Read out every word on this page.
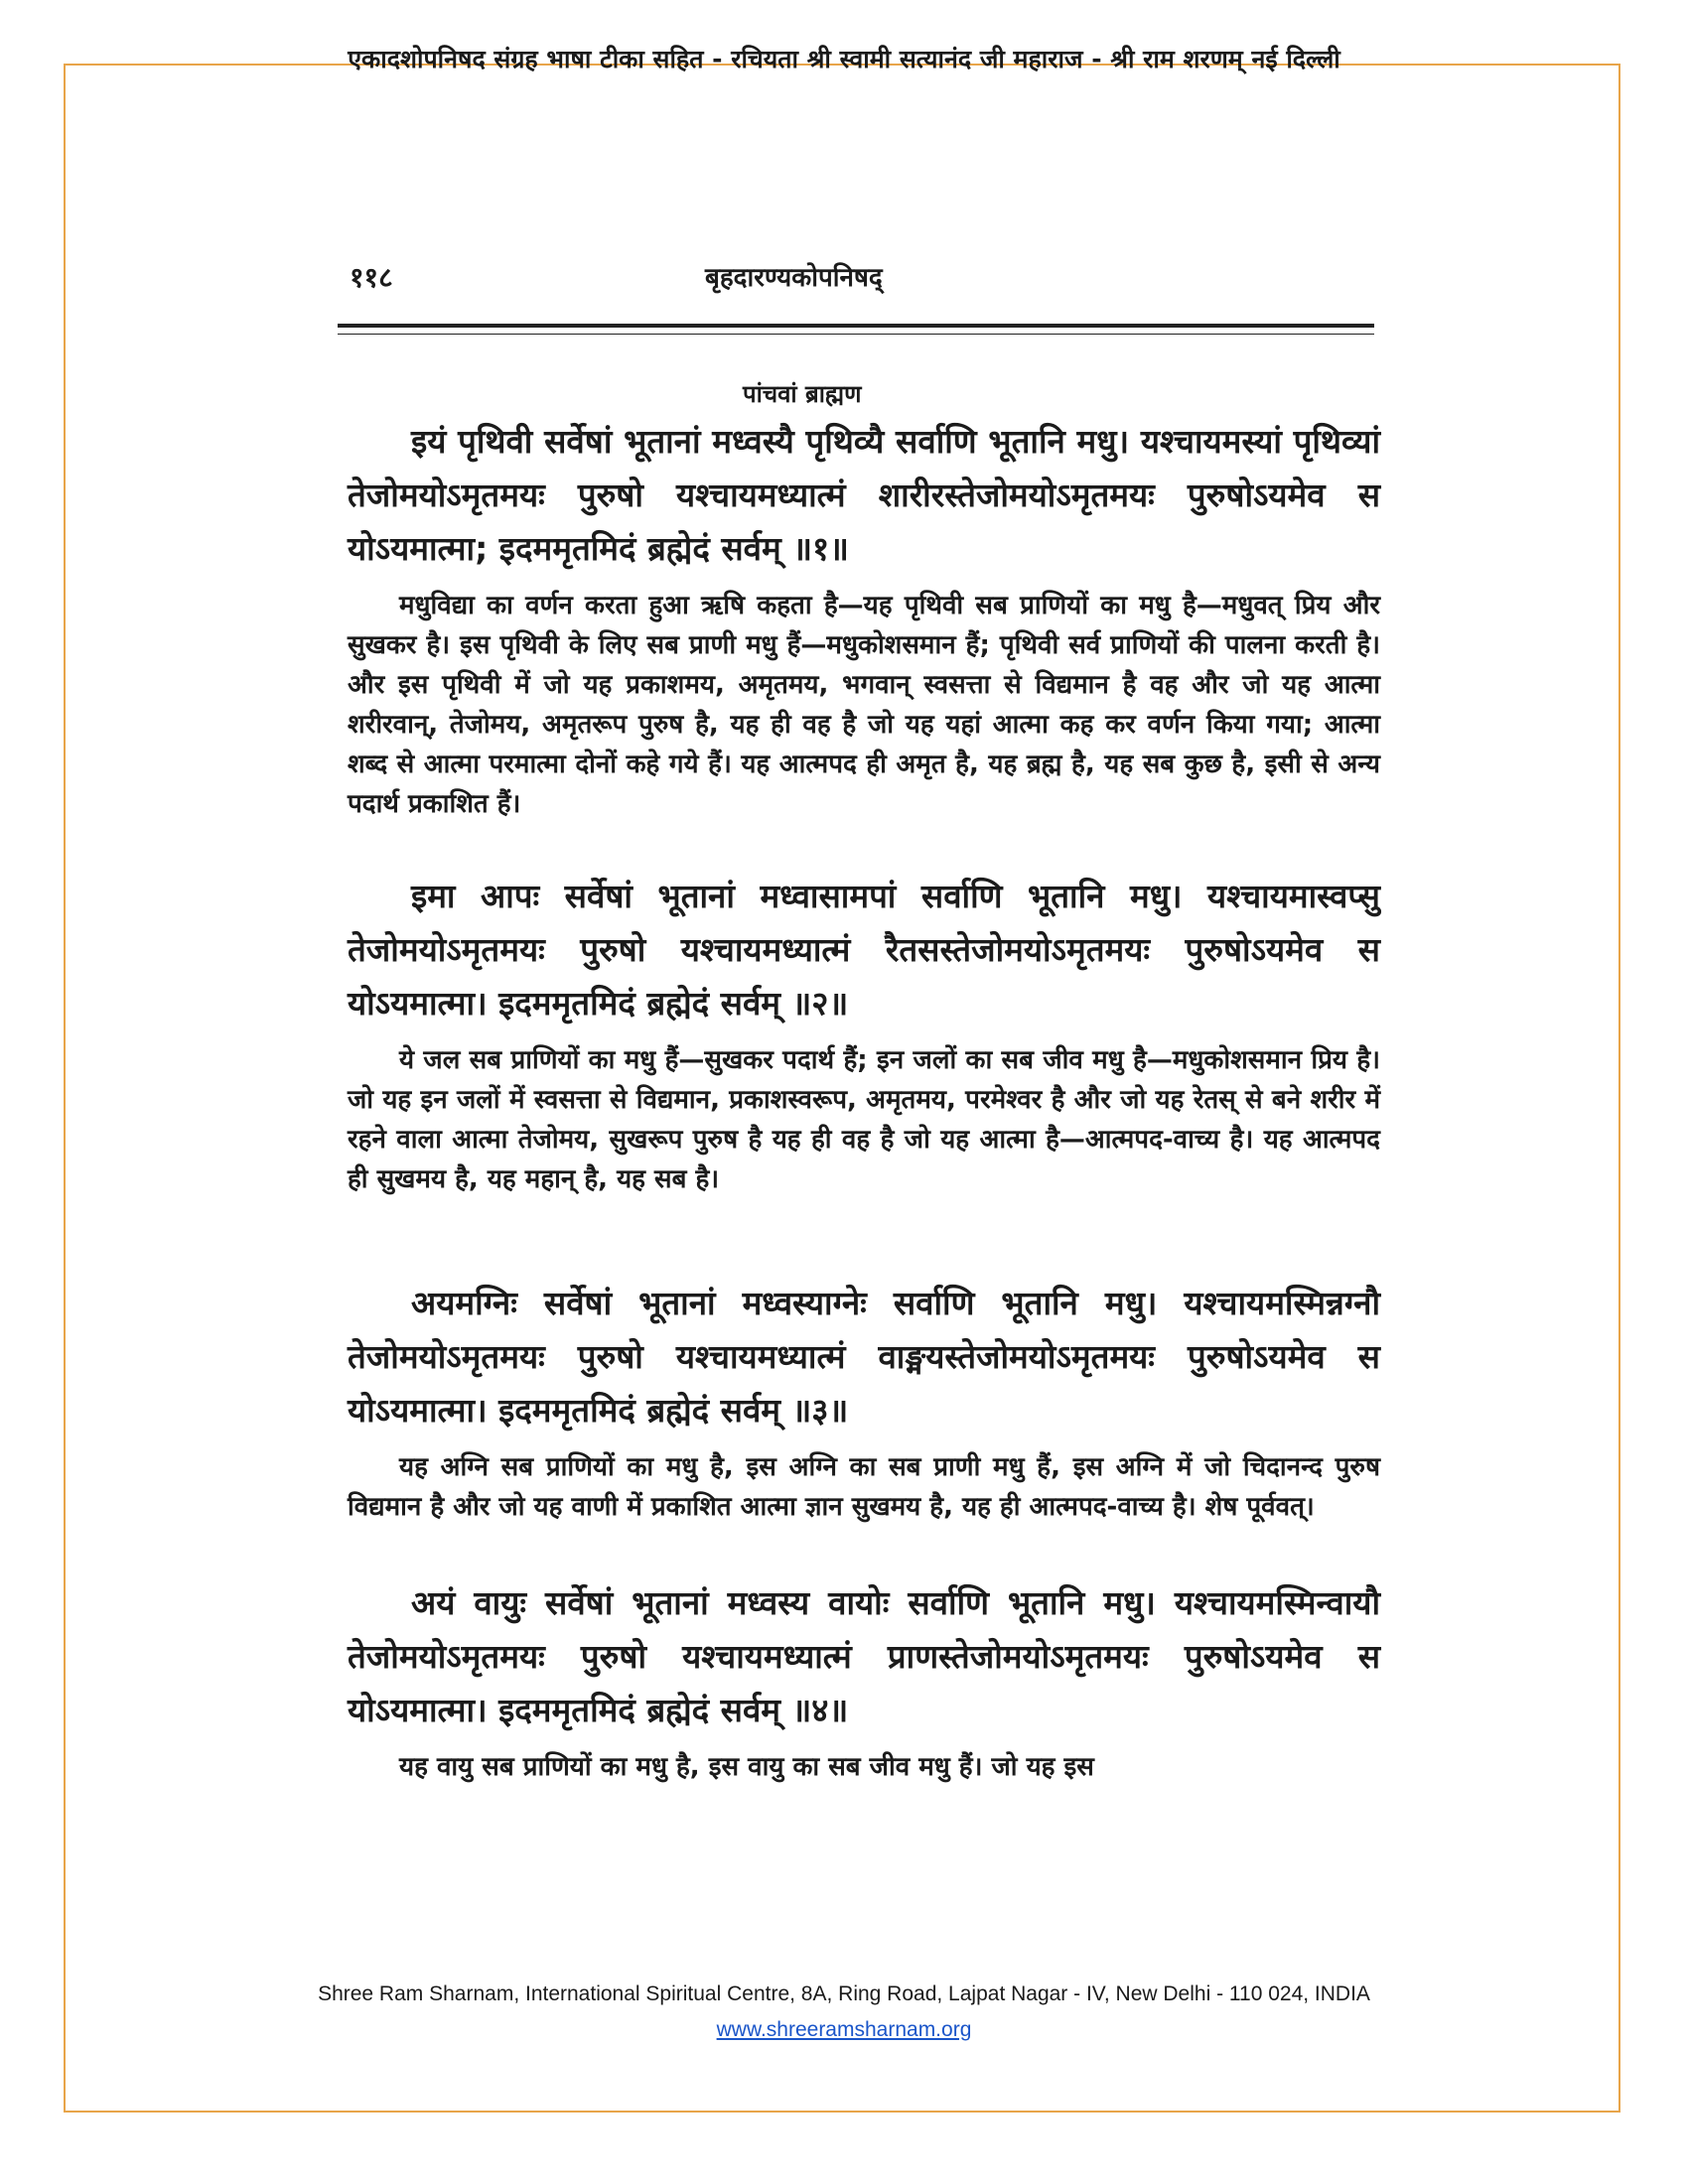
एकादशोपनिषद संग्रह भाषा टीका सहित - रचियता श्री स्वामी सत्यानंद जी महाराज - श्री राम शरणम् नई दिल्ली
११८	बृहदारण्यकोपनिषद्
पांचवां ब्राह्मण
इयं पृथिवी सर्वेषां भूतानां मध्वस्यै पृथिव्यै सर्वाणि भूतानि मधु। यश्चायमस्यां पृथिव्यां तेजोमयोऽमृतमयः पुरुषो यश्चायमध्यात्मं शारीरस्तेजोमयोऽमृतमयः पुरुषोऽयमेव स योऽयमात्मा; इदममृतमिदं ब्रह्मेदं सर्वम् ॥१॥
मधुविद्या का वर्णन करता हुआ ऋषि कहता है—यह पृथिवी सब प्राणियों का मधु है—मधुवत् प्रिय और सुखकर है। इस पृथिवी के लिए सब प्राणी मधु हैं—मधुकोशसमान हैं; पृथिवी सर्व प्राणियों की पालना करती है। और इस पृथिवी में जो यह प्रकाशमय, अमृतमय, भगवान् स्वसत्ता से विद्यमान है वह और जो यह आत्मा शरीरवान्, तेजोमय, अमृतरूप पुरुष है, यह ही वह है जो यह यहां आत्मा कह कर वर्णन किया गया; आत्मा शब्द से आत्मा परमात्मा दोनों कहे गये हैं। यह आत्मपद ही अमृत है, यह ब्रह्म है, यह सब कुछ है, इसी से अन्य पदार्थ प्रकाशित हैं।
इमा आपः सर्वेषां भूतानां मध्वासामपां सर्वाणि भूतानि मधु। यश्चायमास्वप्सु तेजोमयोऽमृतमयः पुरुषो यश्चायमध्यात्मं रैतसस्तेजोमयोऽमृतमयः पुरुषोऽयमेव स योऽयमात्मा। इदममृतमिदं ब्रह्मेदं सर्वम् ॥२॥
ये जल सब प्राणियों का मधु हैं—सुखकर पदार्थ हैं; इन जलों का सब जीव मधु है—मधुकोशसमान प्रिय है। जो यह इन जलों में स्वसत्ता से विद्यमान, प्रकाशस्वरूप, अमृतमय, परमेश्वर है और जो यह रेतस् से बने शरीर में रहने वाला आत्मा तेजोमय, सुखरूप पुरुष है यह ही वह है जो यह आत्मा है—आत्मपद-वाच्य है। यह आत्मपद ही सुखमय है, यह महान् है, यह सब है।
अयमग्निः सर्वेषां भूतानां मध्वस्याग्नेः सर्वाणि भूतानि मधु। यश्चायमस्मिन्नग्नौ तेजोमयोऽमृतमयः पुरुषो यश्चायमध्यात्मं वाङ्मयस्तेजोमयोऽमृतमयः पुरुषोऽयमेव स योऽयमात्मा। इदममृतमिदं ब्रह्मेदं सर्वम् ॥३॥
यह अग्नि सब प्राणियों का मधु है, इस अग्नि का सब प्राणी मधु हैं, इस अग्नि में जो चिदानन्द पुरुष विद्यमान है और जो यह वाणी में प्रकाशित आत्मा ज्ञान सुखमय है, यह ही आत्मपद-वाच्य है। शेष पूर्ववत्।
अयं वायुः सर्वेषां भूतानां मध्वस्य वायोः सर्वाणि भूतानि मधु। यश्चायमस्मिन्वायौ तेजोमयोऽमृतमयः पुरुषो यश्चायमध्यात्मं प्राणस्तेजोमयोऽमृतमयः पुरुषोऽयमेव स योऽयमात्मा। इदममृतमिदं ब्रह्मेदं सर्वम् ॥४॥
यह वायु सब प्राणियों का मधु है, इस वायु का सब जीव मधु हैं। जो यह इस
Shree Ram Sharnam, International Spiritual Centre, 8A, Ring Road, Lajpat Nagar - IV, New Delhi - 110 024, INDIA
www.shreeramsharnam.org
